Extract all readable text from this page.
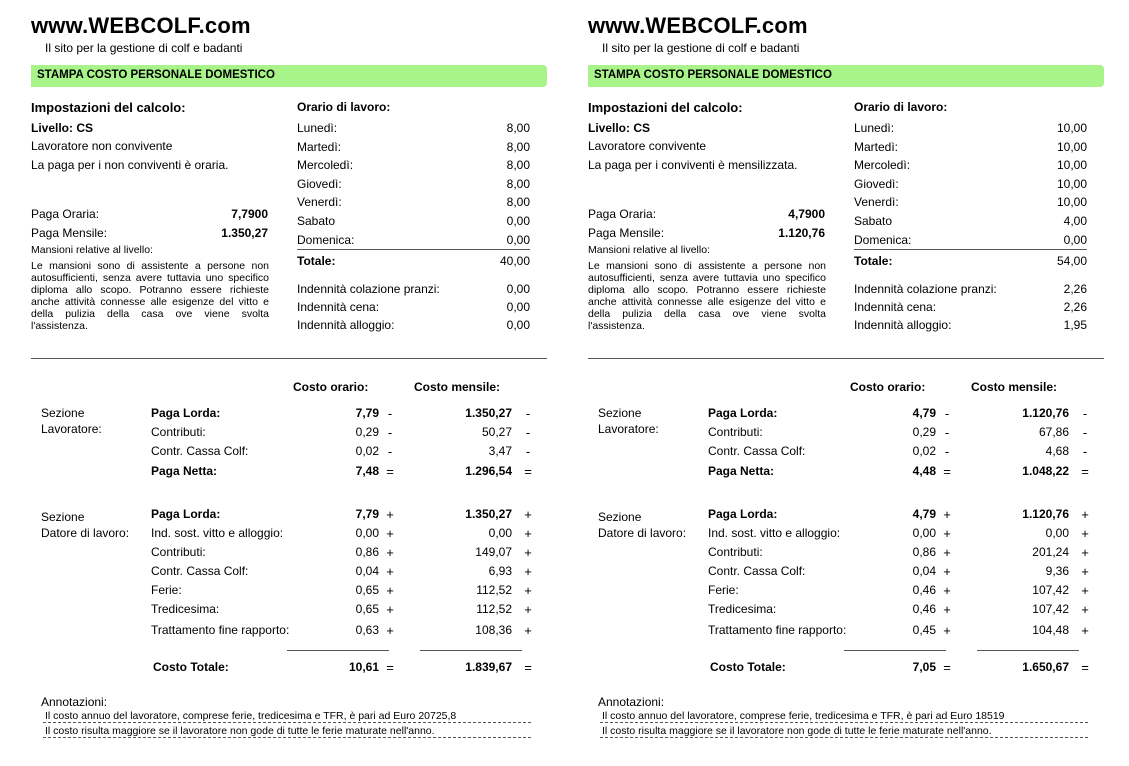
www.WEBCOLF.com
Il sito per la gestione di colf e badanti
STAMPA COSTO PERSONALE DOMESTICO
Impostazioni del calcolo:
Livello: CS
Lavoratore non convivente
La paga per i non conviventi è oraria.
Paga Oraria:	7,7900
Paga Mensile:	1.350,27
Mansioni relative al livello:
Le mansioni sono di assistente a persone non autosufficienti, senza avere tuttavia uno specifico diploma allo scopo. Potranno essere richieste anche attività connesse alle esigenze del vitto e della pulizia della casa ove viene svolta l'assistenza.
Orario di lavoro:
Lunedì:	8,00
Martedì:	8,00
Mercoledì:	8,00
Giovedì:	8,00
Venerdì:	8,00
Sabato	0,00
Domenica:	0,00
Totale:	40,00
Indennità colazione pranzi:	0,00
Indennità cena:	0,00
Indennità alloggio:	0,00
Costo orario:	Costo mensile:
Sezione
Lavoratore:
Paga Lorda:	7,79 -	1.350,27	-
Contributi:	0,29 -	50,27	-
Contr. Cassa Colf:	0,02 -	3,47	-
Paga Netta:	7,48 =	1.296,54 =
Sezione
Datore di lavoro:
Paga Lorda:	7,79 +	1.350,27 +
Ind. sost. vitto e alloggio:	0,00 +	0,00 +
Contributi:	0,86 +	149,07 +
Contr. Cassa Colf:	0,04 +	6,93 +
Ferie:	0,65 +	112,52 +
Tredicesima:	0,65 +	112,52 +
Trattamento fine rapporto:	0,63 +	108,36 +
Costo Totale:	10,61 =	1.839,67 =
Annotazioni:
Il costo annuo del lavoratore, comprese ferie, tredicesima e TFR, è pari ad Euro 20725,8
Il costo risulta maggiore se il lavoratore non gode di tutte le ferie maturate nell'anno.
www.WEBCOLF.com
Il sito per la gestione di colf e badanti
STAMPA COSTO PERSONALE DOMESTICO
Impostazioni del calcolo:
Livello: CS
Lavoratore convivente
La paga per i conviventi è mensilizzata.
Paga Oraria:	4,7900
Paga Mensile:	1.120,76
Mansioni relative al livello:
Le mansioni sono di assistente a persone non autosufficienti, senza avere tuttavia uno specifico diploma allo scopo. Potranno essere richieste anche attività connesse alle esigenze del vitto e della pulizia della casa ove viene svolta l'assistenza.
Orario di lavoro:
Lunedì:	10,00
Martedì:	10,00
Mercoledì:	10,00
Giovedì:	10,00
Venerdì:	10,00
Sabato	4,00
Domenica:	0,00
Totale:	54,00
Indennità colazione pranzi:	2,26
Indennità cena:	2,26
Indennità alloggio:	1,95
Costo orario:	Costo mensile:
Sezione
Lavoratore:
Paga Lorda:	4,79 -	1.120,76	-
Contributi:	0,29 -	67,86	-
Contr. Cassa Colf:	0,02 -	4,68	-
Paga Netta:	4,48 =	1.048,22 =
Sezione
Datore di lavoro:
Paga Lorda:	4,79 +	1.120,76 +
Ind. sost. vitto e alloggio:	0,00 +	0,00 +
Contributi:	0,86 +	201,24 +
Contr. Cassa Colf:	0,04 +	9,36 +
Ferie:	0,46 +	107,42 +
Tredicesima:	0,46 +	107,42 +
Trattamento fine rapporto:	0,45 +	104,48 +
Costo Totale:	7,05 =	1.650,67 =
Annotazioni:
Il costo annuo del lavoratore, comprese ferie, tredicesima e TFR, è pari ad Euro 18519
Il costo risulta maggiore se il lavoratore non gode di tutte le ferie maturate nell'anno.
